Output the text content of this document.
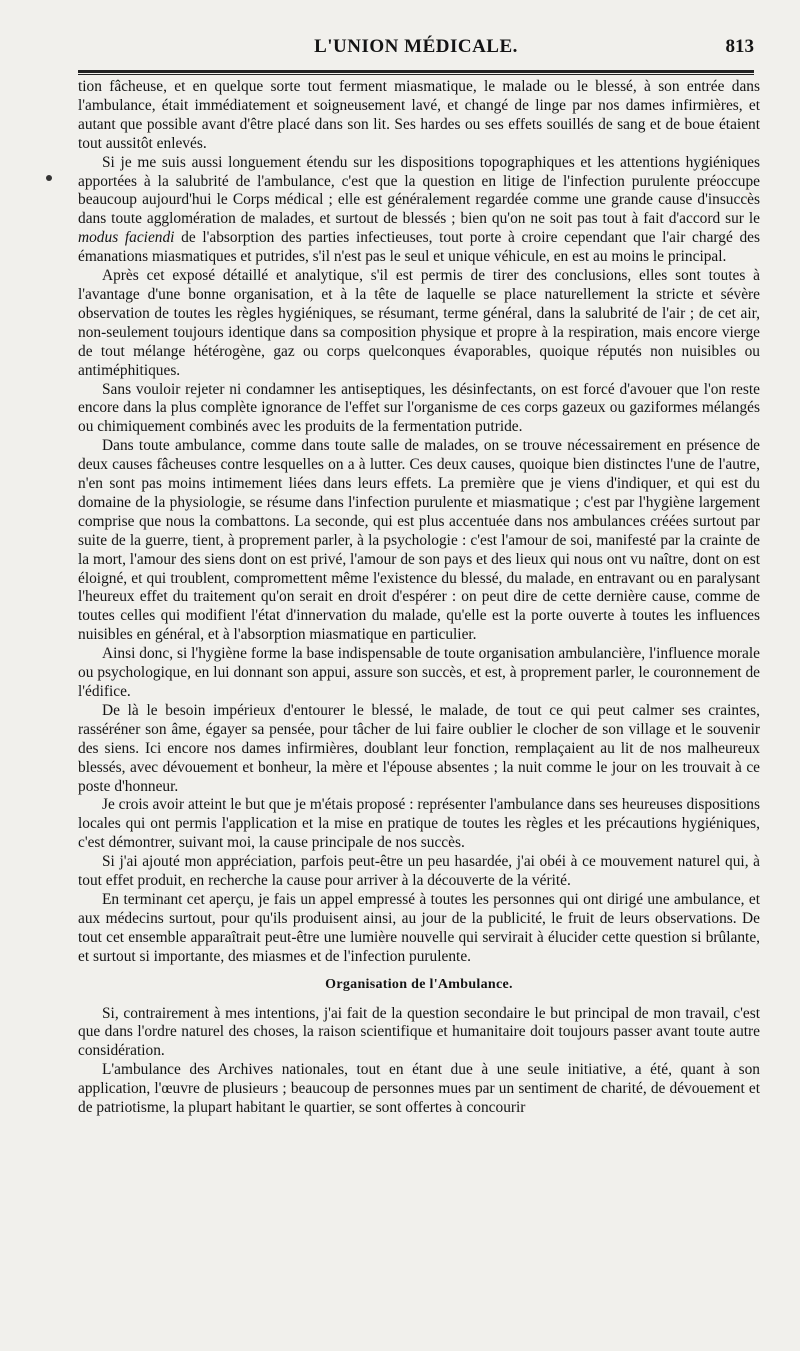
L'UNION MÉDICALE.	813

tion fâcheuse, et en quelque sorte tout ferment miasmatique, le malade ou le blessé, à son entrée dans l'ambulance, était immédiatement et soigneusement lavé, et changé de linge par nos dames infirmières, et autant que possible avant d'être placé dans son lit. Ses hardes ou ses effets souillés de sang et de boue étaient tout aussitôt enlevés.

Si je me suis aussi longuement étendu sur les dispositions topographiques et les attentions hygiéniques apportées à la salubrité de l'ambulance, c'est que la question en litige de l'infection purulente préoccupe beaucoup aujourd'hui le Corps médical ; elle est généralement regardée comme une grande cause d'insuccès dans toute agglomération de malades, et surtout de blessés ; bien qu'on ne soit pas tout à fait d'accord sur le modus faciendi de l'absorption des parties infectieuses, tout porte à croire cependant que l'air chargé des émanations miasmatiques et putrides, s'il n'est pas le seul et unique véhicule, en est au moins le principal.

Après cet exposé détaillé et analytique, s'il est permis de tirer des conclusions, elles sont toutes à l'avantage d'une bonne organisation, et à la tête de laquelle se place naturellement la stricte et sévère observation de toutes les règles hygiéniques, se résumant, terme général, dans la salubrité de l'air ; de cet air, non-seulement toujours identique dans sa composition physique et propre à la respiration, mais encore vierge de tout mélange hétérogène, gaz ou corps quelconques évaporables, quoique réputés non nuisibles ou antiméphitiques.

Sans vouloir rejeter ni condamner les antiseptiques, les désinfectants, on est forcé d'avouer que l'on reste encore dans la plus complète ignorance de l'effet sur l'organisme de ces corps gazeux ou gaziformes mélangés ou chimiquement combinés avec les produits de la fermentation putride.

Dans toute ambulance, comme dans toute salle de malades, on se trouve nécessairement en présence de deux causes fâcheuses contre lesquelles on a à lutter. Ces deux causes, quoique bien distinctes l'une de l'autre, n'en sont pas moins intimement liées dans leurs effets. La première que je viens d'indiquer, et qui est du domaine de la physiologie, se résume dans l'infection purulente et miasmatique ; c'est par l'hygiène largement comprise que nous la combattons. La seconde, qui est plus accentuée dans nos ambulances créées surtout par suite de la guerre, tient, à proprement parler, à la psychologie : c'est l'amour de soi, manifesté par la crainte de la mort, l'amour des siens dont on est privé, l'amour de son pays et des lieux qui nous ont vu naître, dont on est éloigné, et qui troublent, compromettent même l'existence du blessé, du malade, en entravant ou en paralysant l'heureux effet du traitement qu'on serait en droit d'espérer : on peut dire de cette dernière cause, comme de toutes celles qui modifient l'état d'innervation du malade, qu'elle est la porte ouverte à toutes les influences nuisibles en général, et à l'absorption miasmatique en particulier.

Ainsi donc, si l'hygiène forme la base indispensable de toute organisation ambulancière, l'influence morale ou psychologique, en lui donnant son appui, assure son succès, et est, à proprement parler, le couronnement de l'édifice.

De là le besoin impérieux d'entourer le blessé, le malade, de tout ce qui peut calmer ses craintes, rasséréner son âme, égayer sa pensée, pour tâcher de lui faire oublier le clocher de son village et le souvenir des siens. Ici encore nos dames infirmières, doublant leur fonction, remplaçaient au lit de nos malheureux blessés, avec dévouement et bonheur, la mère et l'épouse absentes ; la nuit comme le jour on les trouvait à ce poste d'honneur.

Je crois avoir atteint le but que je m'étais proposé : représenter l'ambulance dans ses heureuses dispositions locales qui ont permis l'application et la mise en pratique de toutes les règles et les précautions hygiéniques, c'est démontrer, suivant moi, la cause principale de nos succès.

Si j'ai ajouté mon appréciation, parfois peut-être un peu hasardée, j'ai obéi à ce mouvement naturel qui, à tout effet produit, en recherche la cause pour arriver à la découverte de la vérité.

En terminant cet aperçu, je fais un appel empressé à toutes les personnes qui ont dirigé une ambulance, et aux médecins surtout, pour qu'ils produisent ainsi, au jour de la publicité, le fruit de leurs observations. De tout cet ensemble apparaîtrait peut-être une lumière nouvelle qui servirait à élucider cette question si brûlante, et surtout si importante, des miasmes et de l'infection purulente.

Organisation de l'Ambulance.

Si, contrairement à mes intentions, j'ai fait de la question secondaire le but principal de mon travail, c'est que dans l'ordre naturel des choses, la raison scientifique et humanitaire doit toujours passer avant toute autre considération.

L'ambulance des Archives nationales, tout en étant due à une seule initiative, a été, quant à son application, l'œuvre de plusieurs ; beaucoup de personnes mues par un sentiment de charité, de dévouement et de patriotisme, la plupart habitant le quartier, se sont offertes à concourir
